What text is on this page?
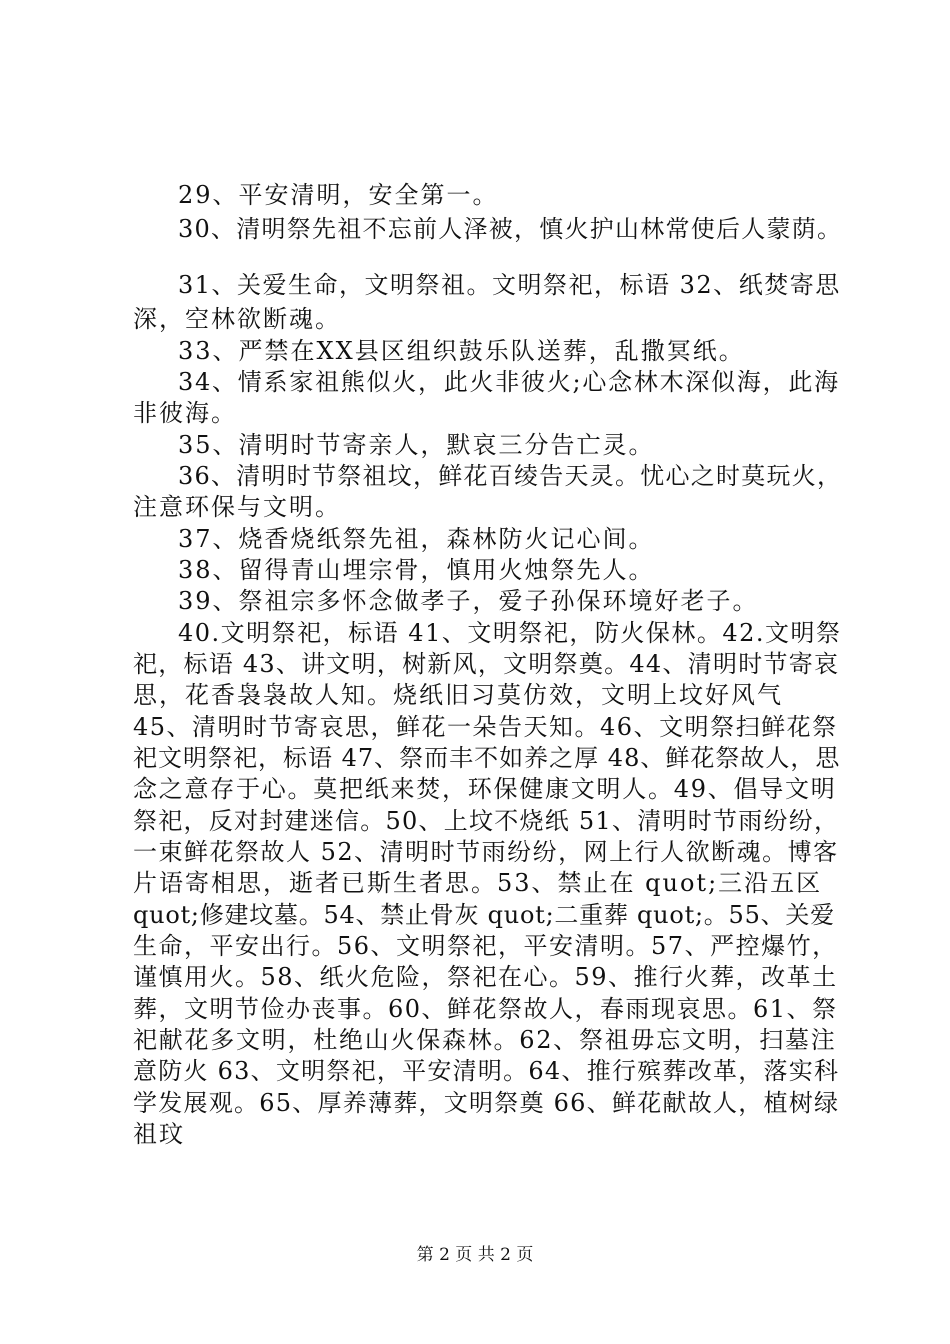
29、平安清明，安全第一。
30、清明祭先祖不忘前人泽被，慎火护山林常使后人蒙荫。
31、关爱生命，文明祭祖。文明祭祀，标语 32、纸焚寄思
深，空林欲断魂。
33、严禁在XX县区组织鼓乐队送葬，乱撒冥纸。
34、情系家祖熊似火，此火非彼火;心念林木深似海，此海
非彼海。
35、清明时节寄亲人，默哀三分告亡灵。
36、清明时节祭祖坟，鲜花百绫告天灵。忧心之时莫玩火，
注意环保与文明。
37、烧香烧纸祭先祖，森林防火记心间。
38、留得青山埋宗骨，慎用火烛祭先人。
39、祭祖宗多怀念做孝子，爱子孙保环境好老子。
40.文明祭祀，标语 41、文明祭祀，防火保林。42.文明祭
祀，标语 43、讲文明，树新风，文明祭奠。44、清明时节寄哀
思，花香袅袅故人知。烧纸旧习莫仿效，文明上坟好风气
45、清明时节寄哀思，鲜花一朵告天知。46、文明祭扫鲜花祭
祀文明祭祀，标语 47、祭而丰不如养之厚 48、鲜花祭故人，思
念之意存于心。莫把纸来焚，环保健康文明人。49、倡导文明
祭祀，反对封建迷信。50、上坟不烧纸 51、清明时节雨纷纷，
一束鲜花祭故人 52、清明时节雨纷纷，网上行人欲断魂。博客
片语寄相思，逝者已斯生者思。53、禁止在 quot;三沿五区
quot;修建坟墓。54、禁止骨灰 quot;二重葬 quot;。55、关爱
生命，平安出行。56、文明祭祀，平安清明。57、严控爆竹，
谨慎用火。58、纸火危险，祭祀在心。59、推行火葬，改革土
葬，文明节俭办丧事。60、鲜花祭故人，春雨现哀思。61、祭
祀献花多文明，杜绝山火保森林。62、祭祖毋忘文明，扫墓注
意防火 63、文明祭祀，平安清明。64、推行殡葬改革，落实科
学发展观。65、厚养薄葬，文明祭奠 66、鲜花献故人，植树绿
祖玟
第 2 页 共 2 页
